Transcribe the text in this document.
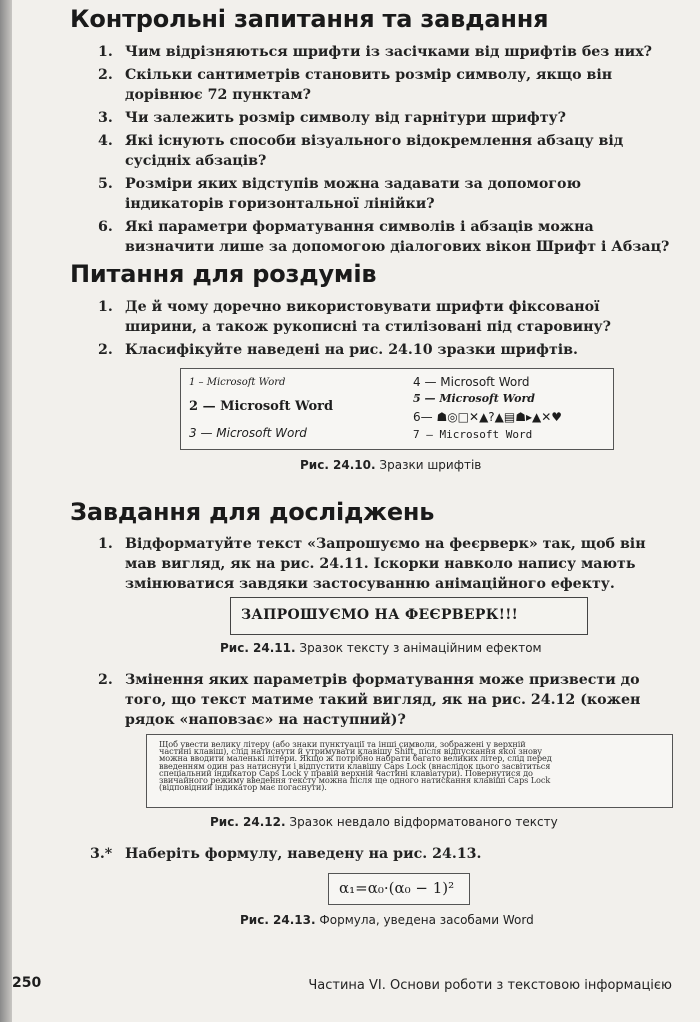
Контрольні запитання та завдання
1. Чим відрізняються шрифти із засічками від шрифтів без них?
2. Скільки сантиметрів становить розмір символу, якщо він дорівнює 72 пунктам?
3. Чи залежить розмір символу від гарнітури шрифту?
4. Які існують способи візуального відокремлення абзацу від сусідніх абзаців?
5. Розміри яких відступів можна задавати за допомогою індикаторів горизонтальної лінійки?
6. Які параметри форматування символів і абзаців можна визначити лише за допомогою діалогових вікон Шрифт і Абзац?
Питання для роздумів
1. Де й чому доречно використовувати шрифти фіксованої ширини, а також рукописні та стилізовані під старовину?
2. Класифікуйте наведені на рис. 24.10 зразки шрифтів.
1 – Microsoft Word
2 — Microsoft Word
3 — Microsoft Word
4 — Microsoft Word
5 — Microsoft Word
6— ☗◎□✕▲?▲▤☗▸▲✕♥
7 – Microsoft Word
Рис. 24.10. Зразки шрифтів
Завдання для досліджень
1. Відформатуйте текст «Запрошуємо на феєрверк» так, щоб він мав вигляд, як на рис. 24.11. Іскорки навколо напису мають змінюватися завдяки застосуванню анімаційного ефекту.
ЗАПРОШУЄМО НА ФЕЄРВЕРК!!!
Рис. 24.11. Зразок тексту з анімаційним ефектом
2. Змінення яких параметрів форматування може призвести до того, що текст матиме такий вигляд, як на рис. 24.12 (кожен рядок «наповзає» на наступний)?
Щоб увести велику літеру (або знаки пунктуації та інші символи, зображені у верхній
частині клавіш), слід натиснути й утримувати клавішу Shift, після відпускання якої знову
можна вводити маленькі літери. Якщо ж потрібно набрати багато великих літер, слід перед
введенням один раз натиснути і відпустити клавішу Caps Lock (внаслідок цього засвітиться
спеціальний індикатор Caps Lock у правій верхній частині клавіатури). Повернутися до
звичайного режиму введення тексту можна після ще одного натискання клавіші Caps Lock
(відповідний індикатор має погаснути).
Рис. 24.12. Зразок невдало відформатованого тексту
3.* Наберіть формулу, наведену на рис. 24.13.
α₁=α₀·(α₀ − 1)²
Рис. 24.13. Формула, уведена засобами Word
250	Частина VI. Основи роботи з текстовою інформацією
